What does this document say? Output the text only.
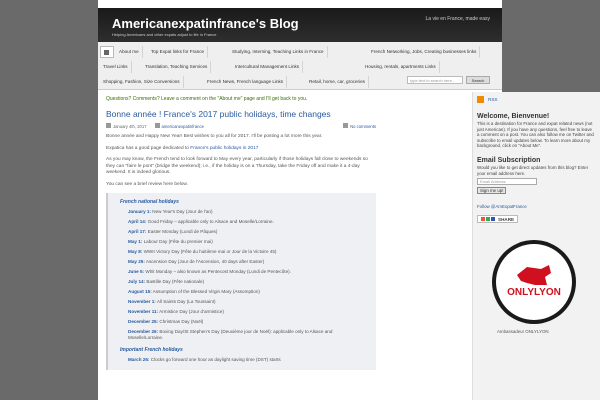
Americanexpatinfrance's Blog
Helping Americans and other expats adjust to life in France
La vie en France, made easy
About me	Top Expat links for France	Studying, Interning, Teaching Links in France	French Networking, Jobs, Creating businesses links
Travel Links	Translation, Teaching Services	Intercultural Management Links	Housing, rentals, apartments Links
Shopping, Fashion, Size Conversions	French News, French language Links	Retail, home, car, groceries	type text to search here...	Search
Questions? Comments? Leave a comment on the "About me" page and I'll get back to you.
Bonne année ! France's 2017 public holidays, time changes
January 4th, 2017	americanexpatinfrance	No comments
Bonne année and Happy New Year! Best wishes to you all for 2017. I'll be posting a lot more this year.
Expatica has a good page dedicated to France's public holidays in 2017
As you may know, the French tend to look forward to May every year, particularly if those holidays fall close to weekends so they can "faire le pont" (bridge the weekend); i.e., if the holiday is on a Thursday, take the Friday off and make it a 4-day weekend. It is indeed glorious.
You can see a brief review here below.
French national holidays
January 1: New Year's Day (Jour de l'an)
April 14: Good Friday – applicable only to Alsace and Moselle/Lorraine.
April 17: Easter Monday (Lundi de Pâques)
May 1: Labour Day (Fête du premier mai)
May 8: WWII Victory Day (Fête du huitième mai or Jour de la Victoire 45)
May 25: Ascension Day (Jour de l'Ascension, 40 days after Easter)
June 5: Whit Monday – also known as Pentecost Monday (Lundi de Pentecôte).
July 14: Bastille Day (Fête nationale)
August 15: Assumption of the Blessed Virgin Mary (Assomption)
November 1: All Saints Day (La Toussaint)
November 11: Armistice Day (Jour d'armistice)
December 25: Christmas Day (Noël)
December 26: Boxing Day/St Stephen's Day (Deuxième jour de Noël): applicable only to Alsace and Moselle/Lorraine.
Important French holidays
March 26: Clocks go forward one hour as daylight saving time (DST) starts
RSS
Welcome, Bienvenue!
This is a destination for France and expat related news (not just American). If you have any questions, feel free to leave a comment on a post. You can also follow me on Twitter and subscribe to email updates below. To learn more about my background, click on "About Me".
Email Subscription
Would you like to get direct updates from this blog? Enter your email address here.
Email Address
Sign me up!
Follow @AmExpatFrance
SHARE

ONLYLYON
AMBASSADEUR
Ambassadeur ONLYLYON
